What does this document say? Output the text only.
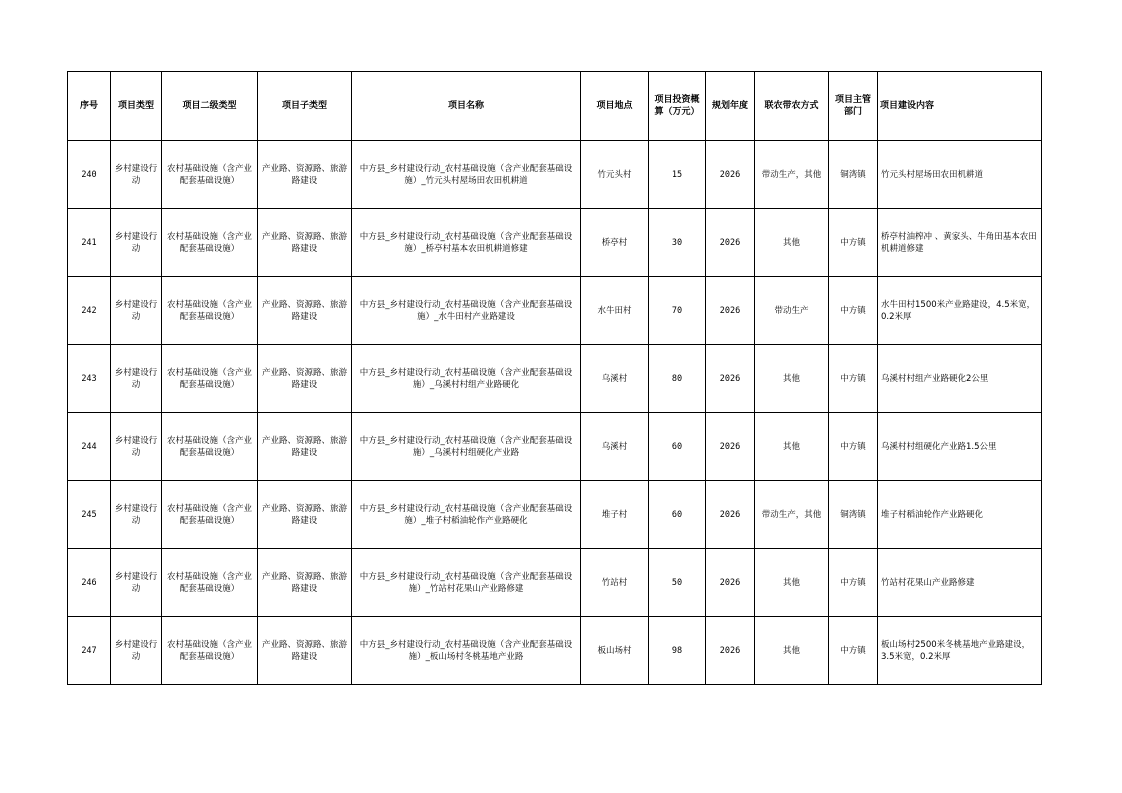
序号	项目类型	项目二级类型	项目子类型	项目名称	项目地点	项目投资概算（万元）	规划年度	联农带农方式	项目主管部门	项目建设内容
240	乡村建设行动	农村基础设施（含产业配套基础设施）	产业路、资源路、旅游路建设	中方县_乡村建设行动_农村基础设施（含产业配套基础设施）_竹元头村屋场田农田机耕道	竹元头村	15	2026	带动生产，其他	铜湾镇	竹元头村屋场田农田机耕道
241	乡村建设行动	农村基础设施（含产业配套基础设施）	产业路、资源路、旅游路建设	中方县_乡村建设行动_农村基础设施（含产业配套基础设施）_桥亭村基本农田机耕道修建	桥亭村	30	2026	其他	中方镇	桥亭村油榨冲 、黄家头、牛角田基本农田机耕道修建
242	乡村建设行动	农村基础设施（含产业配套基础设施）	产业路、资源路、旅游路建设	中方县_乡村建设行动_农村基础设施（含产业配套基础设施）_水牛田村产业路建设	水牛田村	70	2026	带动生产	中方镇	水牛田村1500米产业路建设，4.5米宽，0.2米厚
243	乡村建设行动	农村基础设施（含产业配套基础设施）	产业路、资源路、旅游路建设	中方县_乡村建设行动_农村基础设施（含产业配套基础设施）_乌溪村村组产业路硬化	乌溪村	80	2026	其他	中方镇	乌溪村村组产业路硬化2公里
244	乡村建设行动	农村基础设施（含产业配套基础设施）	产业路、资源路、旅游路建设	中方县_乡村建设行动_农村基础设施（含产业配套基础设施）_乌溪村村组硬化产业路	乌溪村	60	2026	其他	中方镇	乌溪村村组硬化产业路1.5公里
245	乡村建设行动	农村基础设施（含产业配套基础设施）	产业路、资源路、旅游路建设	中方县_乡村建设行动_农村基础设施（含产业配套基础设施）_堆子村稻油轮作产业路硬化	堆子村	60	2026	带动生产，其他	铜湾镇	堆子村稻油轮作产业路硬化
246	乡村建设行动	农村基础设施（含产业配套基础设施）	产业路、资源路、旅游路建设	中方县_乡村建设行动_农村基础设施（含产业配套基础设施）_竹站村花果山产业路修建	竹站村	50	2026	其他	中方镇	竹站村花果山产业路修建
247	乡村建设行动	农村基础设施（含产业配套基础设施）	产业路、资源路、旅游路建设	中方县_乡村建设行动_农村基础设施（含产业配套基础设施）_板山场村冬桃基地产业路	板山场村	98	2026	其他	中方镇	板山场村2500米冬桃基地产业路建设，3.5米宽，0.2米厚
